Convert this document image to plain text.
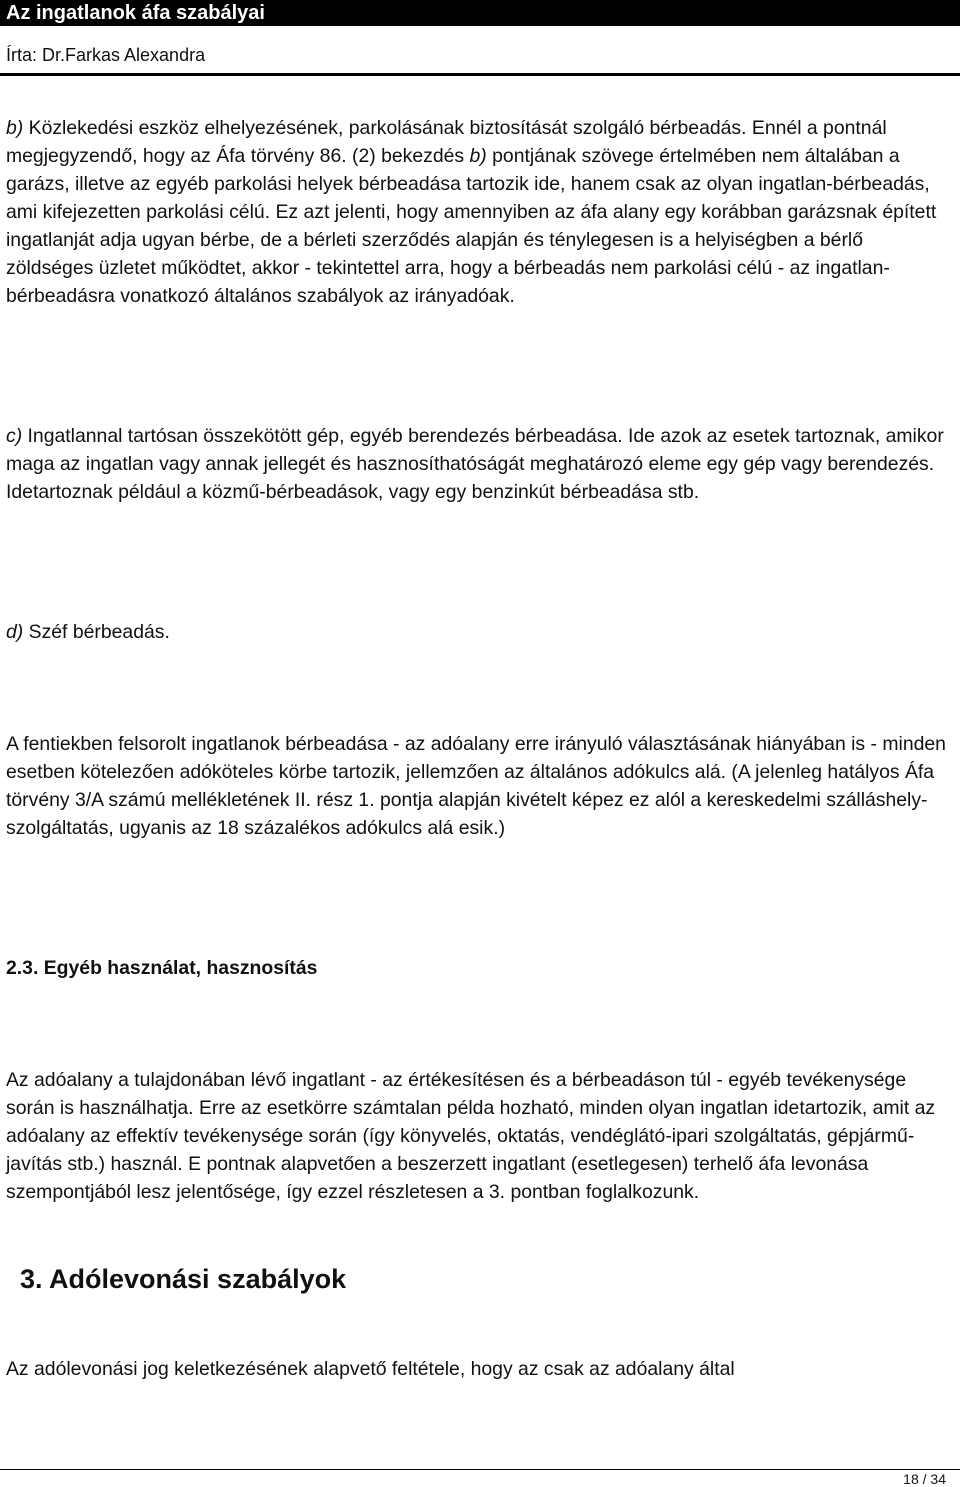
Az ingatlanok áfa szabályai
Írta: Dr.Farkas Alexandra

b) Közlekedési eszköz elhelyezésének, parkolásának biztosítását szolgáló bérbeadás. Ennél a pontnál megjegyzendő, hogy az Áfa törvény 86. (2) bekezdés b) pontjának szövege értelmében nem általában a garázs, illetve az egyéb parkolási helyek bérbeadása tartozik ide, hanem csak az olyan ingatlan-bérbeadás, ami kifejezetten parkolási célú. Ez azt jelenti, hogy amennyiben az áfa alany egy korábban garázsnak épített ingatlanját adja ugyan bérbe, de a bérleti szerződés alapján és ténylegesen is a helyiségben a bérlő zöldséges üzletet működtet, akkor - tekintettel arra, hogy a bérbeadás nem parkolási célú - az ingatlan-bérbeadásra vonatkozó általános szabályok az irányadóak.

c) Ingatlannal tartósan összekötött gép, egyéb berendezés bérbeadása. Ide azok az esetek tartoznak, amikor maga az ingatlan vagy annak jellegét és hasznosíthatóságát meghatározó eleme egy gép vagy berendezés. Idetartoznak például a közmű-bérbeadások, vagy egy benzinkút bérbeadása stb.

d) Széf bérbeadás.

A fentiekben felsorolt ingatlanok bérbeadása - az adóalany erre irányuló választásának hiányában is - minden esetben kötelezően adóköteles körbe tartozik, jellemzően az általános adókulcs alá. (A jelenleg hatályos Áfa törvény 3/A számú mellékletének II. rész 1. pontja alapján kivételt képez ez alól a kereskedelmi szálláshely-szolgáltatás, ugyanis az 18 százalékos adókulcs alá esik.)

2.3. Egyéb használat, hasznosítás

Az adóalany a tulajdonában lévő ingatlant - az értékesítésen és a bérbeadáson túl - egyéb tevékenysége során is használhatja. Erre az esetkörre számtalan példa hozható, minden olyan ingatlan idetartozik, amit az adóalany az effektív tevékenysége során (így könyvelés, oktatás, vendéglátó-ipari szolgáltatás, gépjármű-javítás stb.) használ. E pontnak alapvetően a beszerzett ingatlant (esetlegesen) terhelő áfa levonása szempontjából lesz jelentősége, így ezzel részletesen a 3. pontban foglalkozunk.

3. Adólevonási szabályok

Az adólevonási jog keletkezésének alapvető feltétele, hogy az csak az adóalany által

18 / 34
